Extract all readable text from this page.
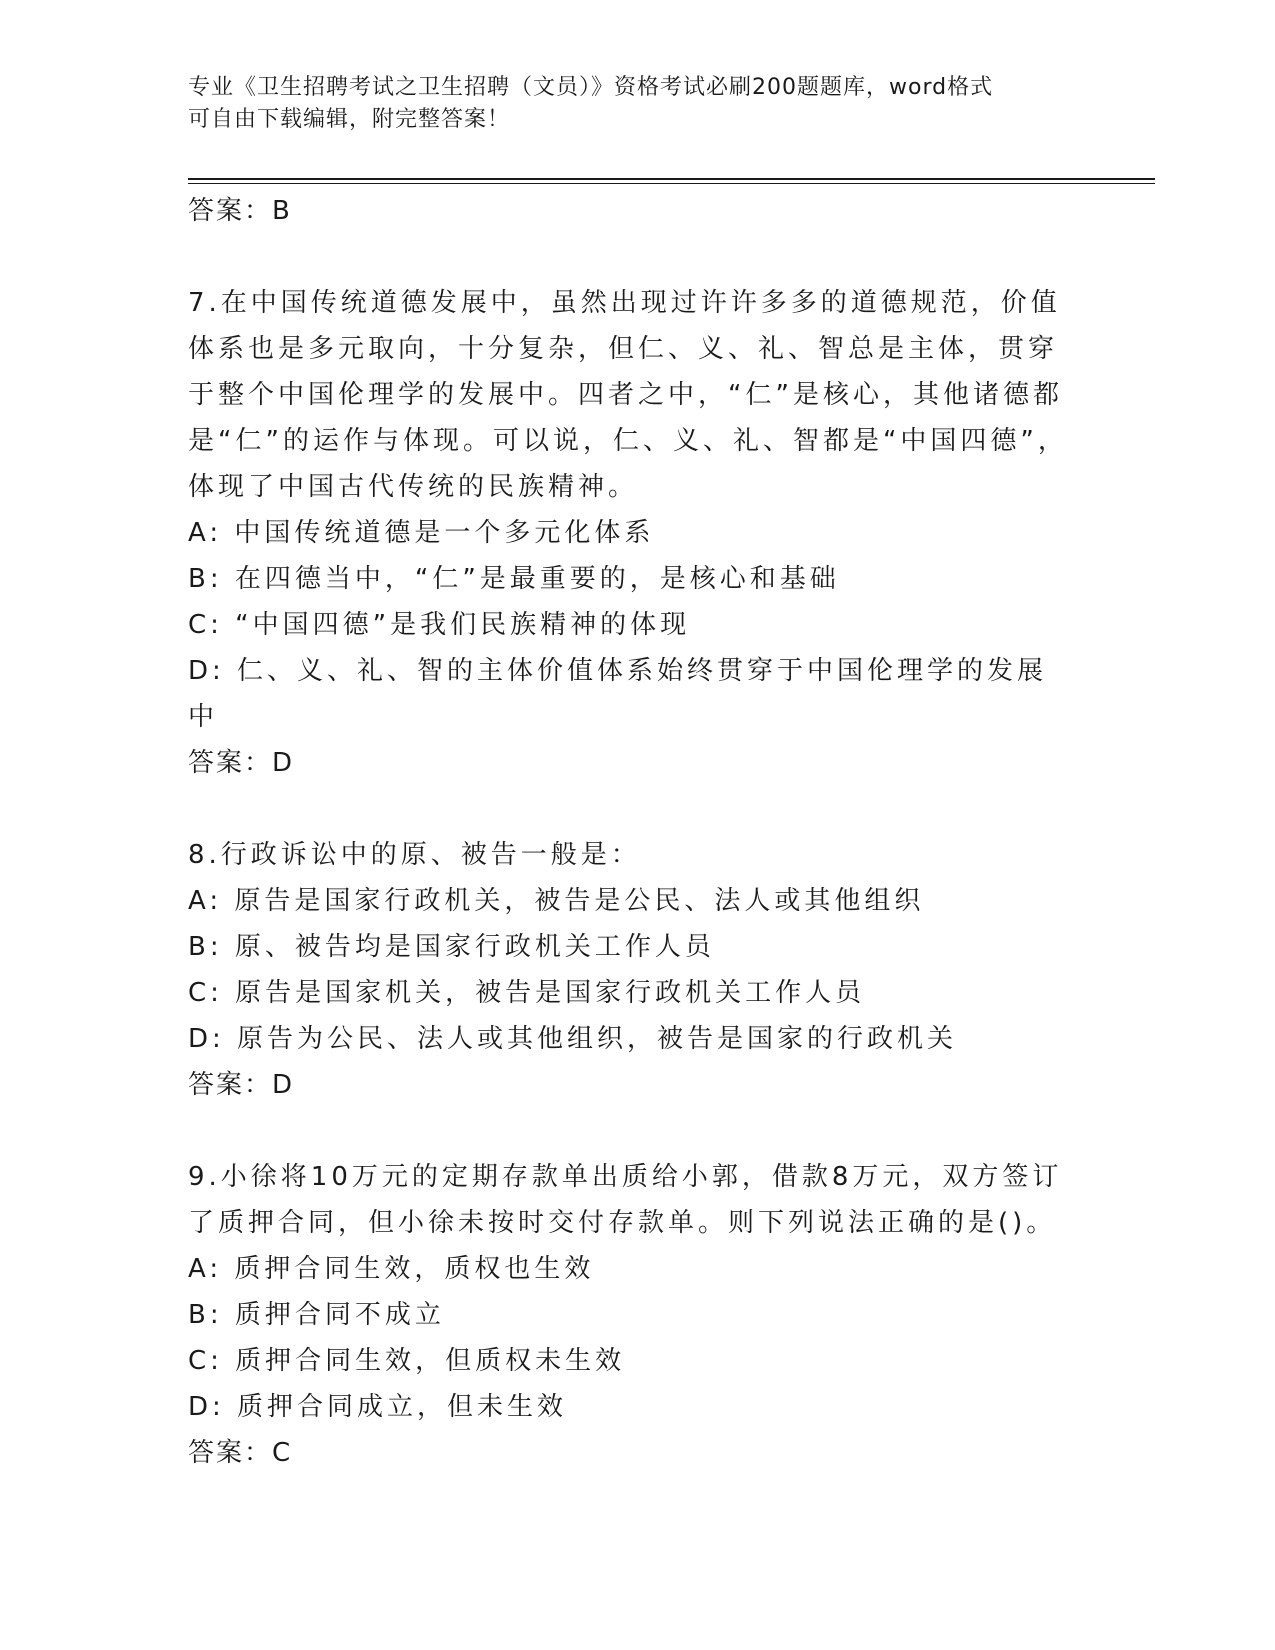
专业《卫生招聘考试之卫生招聘（文员）》资格考试必刷200题题库，word格式
可自由下载编辑，附完整答案！
答案：B

7.在中国传统道德发展中，虽然出现过许许多多的道德规范，价值体系也是多元取向，十分复杂，但仁、义、礼、智总是主体，贯穿于整个中国伦理学的发展中。四者之中，“仁”是核心，其他诸德都是“仁”的运作与体现。可以说，仁、义、礼、智都是“中国四德”，体现了中国古代传统的民族精神。

A: 中国传统道德是一个多元化体系
B: 在四德当中，“仁”是最重要的，是核心和基础
C: “中国四德”是我们民族精神的体现
D: 仁、义、礼、智的主体价值体系始终贯穿于中国伦理学的发展中
答案：D

8.行政诉讼中的原、被告一般是：

A: 原告是国家行政机关，被告是公民、法人或其他组织
B: 原、被告均是国家行政机关工作人员
C: 原告是国家机关，被告是国家行政机关工作人员
D: 原告为公民、法人或其他组织，被告是国家的行政机关
答案：D

9.小徐将10万元的定期存款单出质给小郭，借款8万元，双方签订了质押合同，但小徐未按时交付存款单。则下列说法正确的是()。

A: 质押合同生效，质权也生效
B: 质押合同不成立
C: 质押合同生效，但质权未生效
D: 质押合同成立，但未生效
答案：C
